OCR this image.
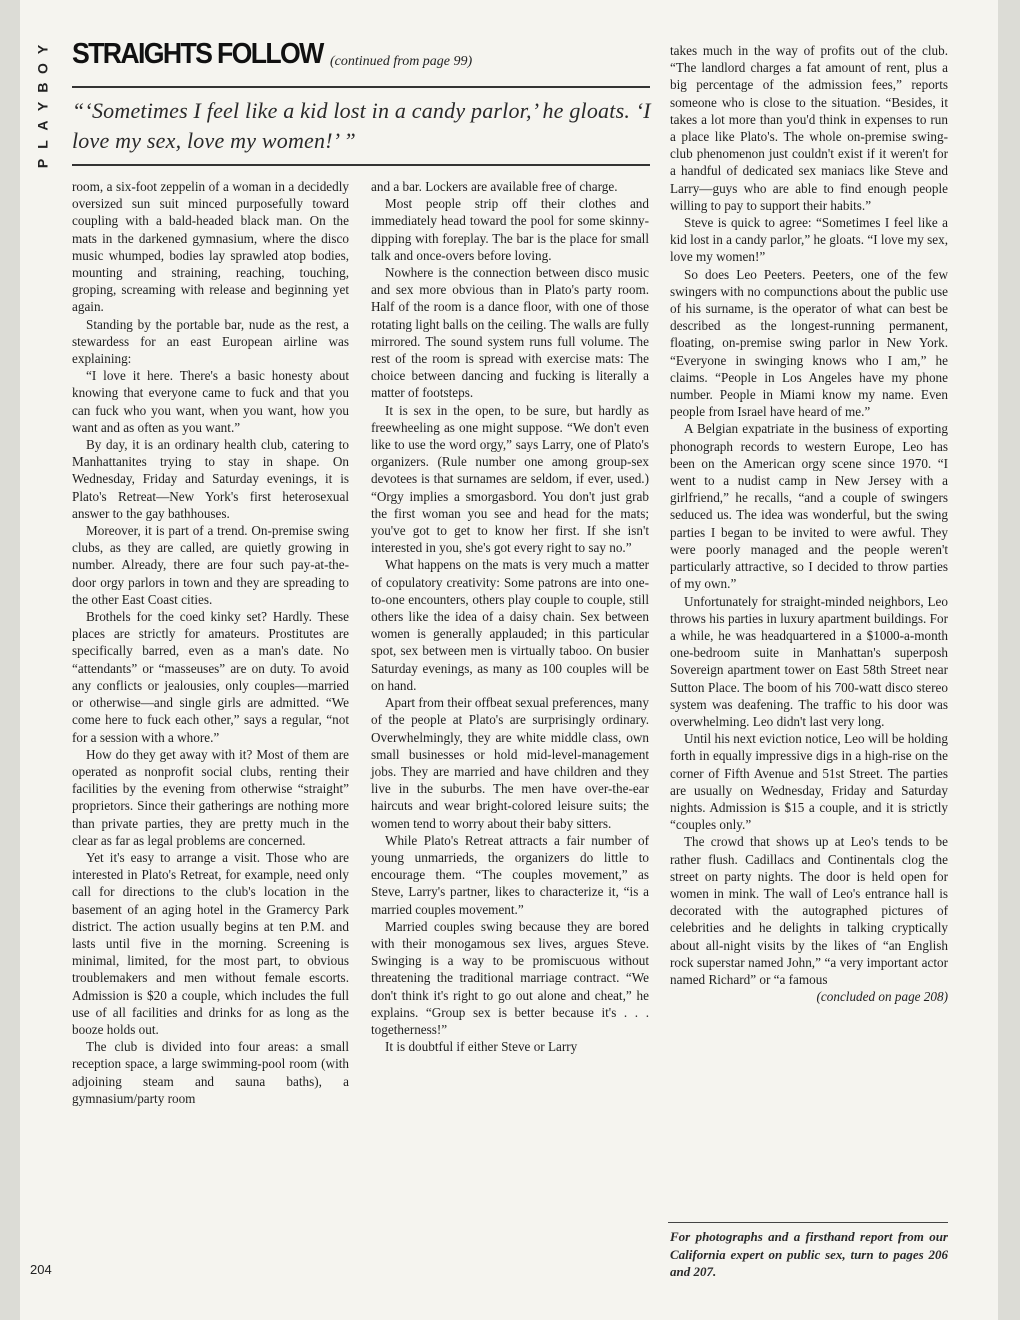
Y
O
B
Y
A
L
P
STRAIGHTS FOLLOW (continued from page 99)
“‘Sometimes I feel like a kid lost in a candy parlor,’ he gloats. ‘I love my sex, love my women!’ ”

room, a six-foot zeppelin of a woman in a decidedly oversized sun suit minced purposefully toward coupling with a bald-headed black man. On the mats in the darkened gymnasium, where the disco music whumped, bodies lay sprawled atop bodies, mounting and straining, reaching, touching, groping, screaming with release and beginning yet again.

Standing by the portable bar, nude as the rest, a stewardess for an east European airline was explaining:

“I love it here. There's a basic honesty about knowing that everyone came to fuck and that you can fuck who you want, when you want, how you want and as often as you want.”

By day, it is an ordinary health club, catering to Manhattanites trying to stay in shape. On Wednesday, Friday and Saturday evenings, it is Plato's Retreat—New York's first heterosexual answer to the gay bathhouses.

Moreover, it is part of a trend. On-premise swing clubs, as they are called, are quietly growing in number. Already, there are four such pay-at-the-door orgy parlors in town and they are spreading to the other East Coast cities.

Brothels for the coed kinky set? Hardly. These places are strictly for amateurs. Prostitutes are specifically barred, even as a man's date. No “attendants” or “masseuses” are on duty. To avoid any conflicts or jealousies, only couples—married or otherwise—and single girls are admitted. “We come here to fuck each other,” says a regular, “not for a session with a whore.”

How do they get away with it? Most of them are operated as nonprofit social clubs, renting their facilities by the evening from otherwise “straight” proprietors. Since their gatherings are nothing more than private parties, they are pretty much in the clear as far as legal problems are concerned.

Yet it's easy to arrange a visit. Those who are interested in Plato's Retreat, for example, need only call for directions to the club's location in the basement of an aging hotel in the Gramercy Park district. The action usually begins at ten P.M. and lasts until five in the morning. Screening is minimal, limited, for the most part, to obvious troublemakers and men without female escorts. Admission is $20 a couple, which includes the full use of all facilities and drinks for as long as the booze holds out.

The club is divided into four areas: a small reception space, a large swimming-pool room (with adjoining steam and sauna baths), a gymnasium/party room

and a bar. Lockers are available free of charge.

Most people strip off their clothes and immediately head toward the pool for some skinny-dipping with foreplay. The bar is the place for small talk and once-overs before loving.

Nowhere is the connection between disco music and sex more obvious than in Plato's party room. Half of the room is a dance floor, with one of those rotating light balls on the ceiling. The walls are fully mirrored. The sound system runs full volume. The rest of the room is spread with exercise mats: The choice between dancing and fucking is literally a matter of footsteps.

It is sex in the open, to be sure, but hardly as freewheeling as one might suppose. “We don't even like to use the word orgy,” says Larry, one of Plato's organizers. (Rule number one among group-sex devotees is that surnames are seldom, if ever, used.) “Orgy implies a smorgasbord. You don't just grab the first woman you see and head for the mats; you've got to get to know her first. If she isn't interested in you, she's got every right to say no.”

What happens on the mats is very much a matter of copulatory creativity: Some patrons are into one-to-one encounters, others play couple to couple, still others like the idea of a daisy chain. Sex between women is generally applauded; in this particular spot, sex between men is virtually taboo. On busier Saturday evenings, as many as 100 couples will be on hand.

Apart from their offbeat sexual preferences, many of the people at Plato's are surprisingly ordinary. Overwhelmingly, they are white middle class, own small businesses or hold mid-level-management jobs. They are married and have children and they live in the suburbs. The men have over-the-ear haircuts and wear bright-colored leisure suits; the women tend to worry about their baby sitters.

While Plato's Retreat attracts a fair number of young unmarrieds, the organizers do little to encourage them. “The couples movement,” as Steve, Larry's partner, likes to characterize it, “is a married couples movement.”

Married couples swing because they are bored with their monogamous sex lives, argues Steve. Swinging is a way to be promiscuous without threatening the traditional marriage contract. “We don't think it's right to go out alone and cheat,” he explains. “Group sex is better because it's . . . togetherness!”

It is doubtful if either Steve or Larry

takes much in the way of profits out of the club. “The landlord charges a fat amount of rent, plus a big percentage of the admission fees,” reports someone who is close to the situation. “Besides, it takes a lot more than you'd think in expenses to run a place like Plato's. The whole on-premise swing-club phenomenon just couldn't exist if it weren't for a handful of dedicated sex maniacs like Steve and Larry—guys who are able to find enough people willing to pay to support their habits.”

Steve is quick to agree: “Sometimes I feel like a kid lost in a candy parlor,” he gloats. “I love my sex, love my women!”

So does Leo Peeters. Peeters, one of the few swingers with no compunctions about the public use of his surname, is the operator of what can best be described as the longest-running permanent, floating, on-premise swing parlor in New York. “Everyone in swinging knows who I am,” he claims. “People in Los Angeles have my phone number. People in Miami know my name. Even people from Israel have heard of me.”

A Belgian expatriate in the business of exporting phonograph records to western Europe, Leo has been on the American orgy scene since 1970. “I went to a nudist camp in New Jersey with a girlfriend,” he recalls, “and a couple of swingers seduced us. The idea was wonderful, but the swing parties I began to be invited to were awful. They were poorly managed and the people weren't particularly attractive, so I decided to throw parties of my own.”

Unfortunately for straight-minded neighbors, Leo throws his parties in luxury apartment buildings. For a while, he was headquartered in a $1000-a-month one-bedroom suite in Manhattan's superposh Sovereign apartment tower on East 58th Street near Sutton Place. The boom of his 700-watt disco stereo system was deafening. The traffic to his door was overwhelming. Leo didn't last very long.

Until his next eviction notice, Leo will be holding forth in equally impressive digs in a high-rise on the corner of Fifth Avenue and 51st Street. The parties are usually on Wednesday, Friday and Saturday nights. Admission is $15 a couple, and it is strictly “couples only.”

The crowd that shows up at Leo's tends to be rather flush. Cadillacs and Continentals clog the street on party nights. The door is held open for women in mink. The wall of Leo's entrance hall is decorated with the autographed pictures of celebrities and he delights in talking cryptically about all-night visits by the likes of “an English rock superstar named John,” “a very important actor named Richard” or “a famous

(concluded on page 208)

For photographs and a firsthand report from our California expert on public sex, turn to pages 206 and 207.
204
